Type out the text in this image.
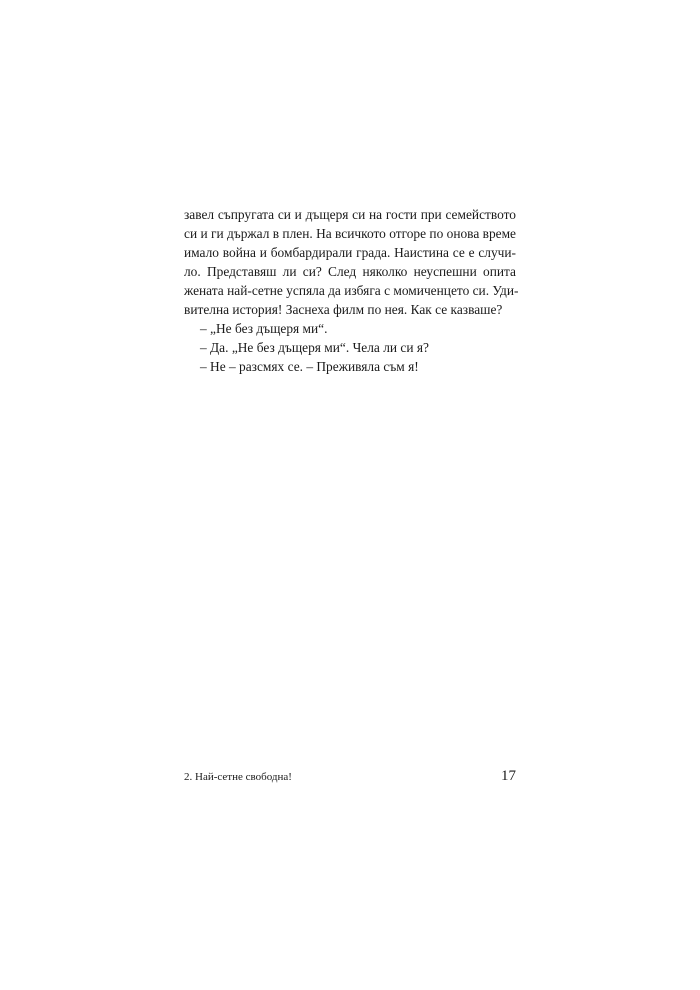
завел съпругата си и дъщеря си на гости при семейството
си и ги държал в плен. На всичкото отгоре по онова време
имало война и бомбардирали града. Наистина се е случи-
ло. Представяш ли си? След няколко неуспешни опита
жената най-сетне успяла да избяга с момиченцето си. Уди-
вителна история! Заснеха филм по нея. Как се казваше?
– „Не без дъщеря ми“.
– Да. „Не без дъщеря ми“. Чела ли си я?
– Не – разсмях се. – Преживяла съм я!
2. Най-сетне свободна!	17
